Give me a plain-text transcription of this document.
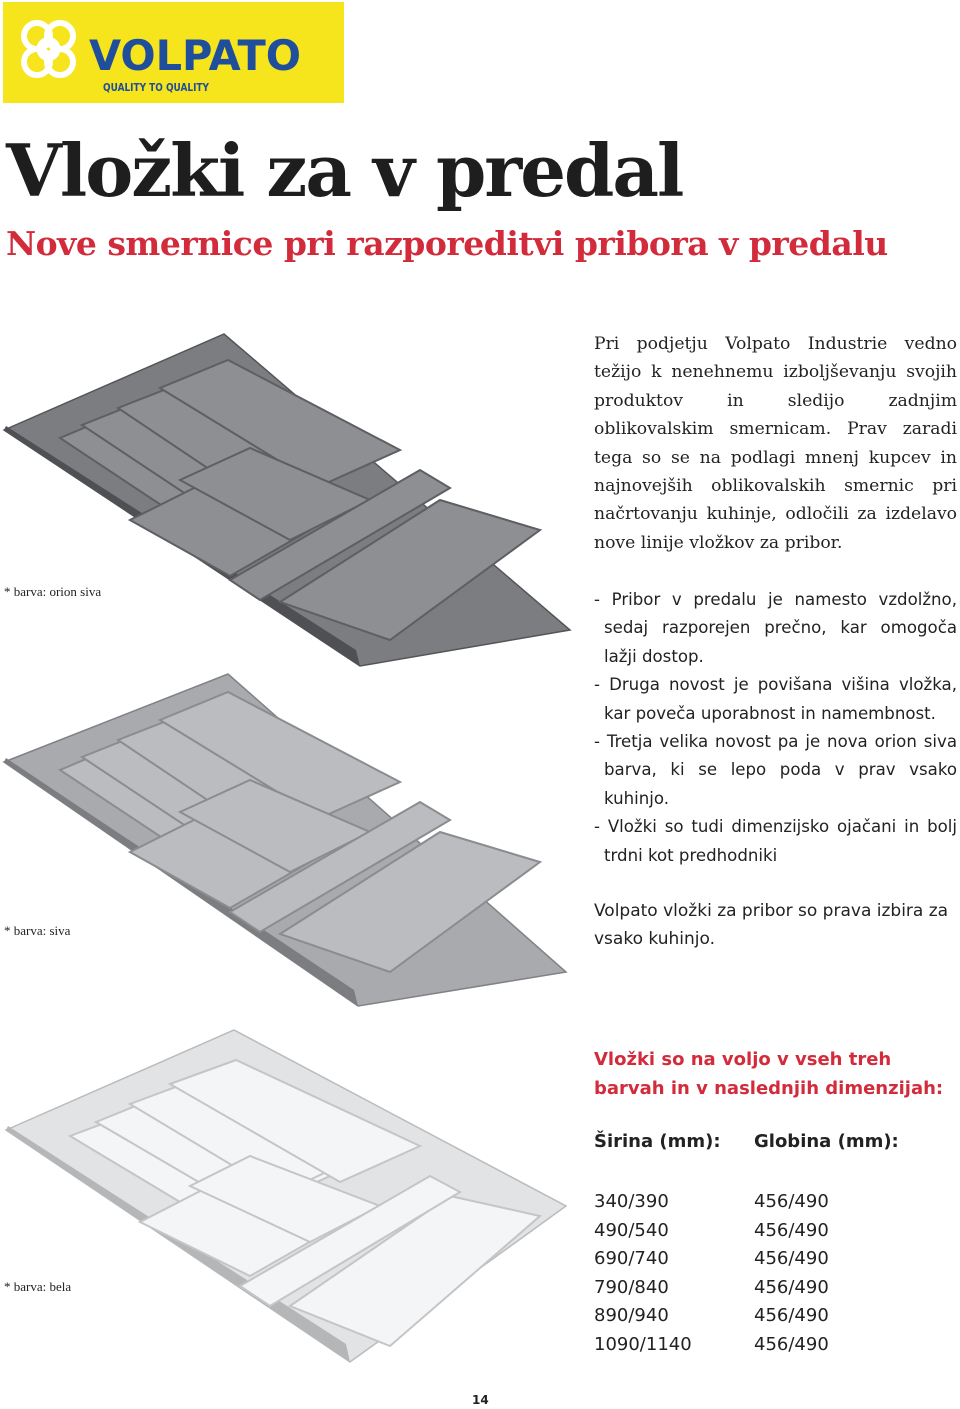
VOLPATO
QUALITY TO QUALITY
Vložki za v predal
Nove smernice pri razporeditvi pribora v predalu
* barva: orion siva
* barva: siva
* barva: bela
Pri podjetju Volpato Industrie vedno težijo k nenehnemu izboljševanju svojih produktov in sledijo zadnjim oblikovalskim smernicam. Prav zaradi tega so se na podlagi mnenj kupcev in najnovejših oblikovalskih smernic pri načrtovanju kuhinje, odločili za izdelavo nove linije vložkov za pribor.

- Pribor v predalu je namesto vzdolžno, sedaj razporejen prečno, kar omogoča lažji dostop.

- Druga novost je povišana višina vložka, kar poveča uporabnost in namembnost.

- Tretja velika novost pa je nova orion siva barva, ki se lepo poda v prav vsako kuhinjo.

- Vložki so tudi dimenzijsko ojačani in bolj trdni kot predhodniki

Volpato vložki za pribor so prava izbira za vsako kuhinjo.
Vložki so na voljo v vseh treh barvah in v naslednjih dimenzijah:
Širina (mm): Globina (mm):
340/390
490/540
690/740
790/840
890/940
1090/1140
456/490
456/490
456/490
456/490
456/490
456/490
14
